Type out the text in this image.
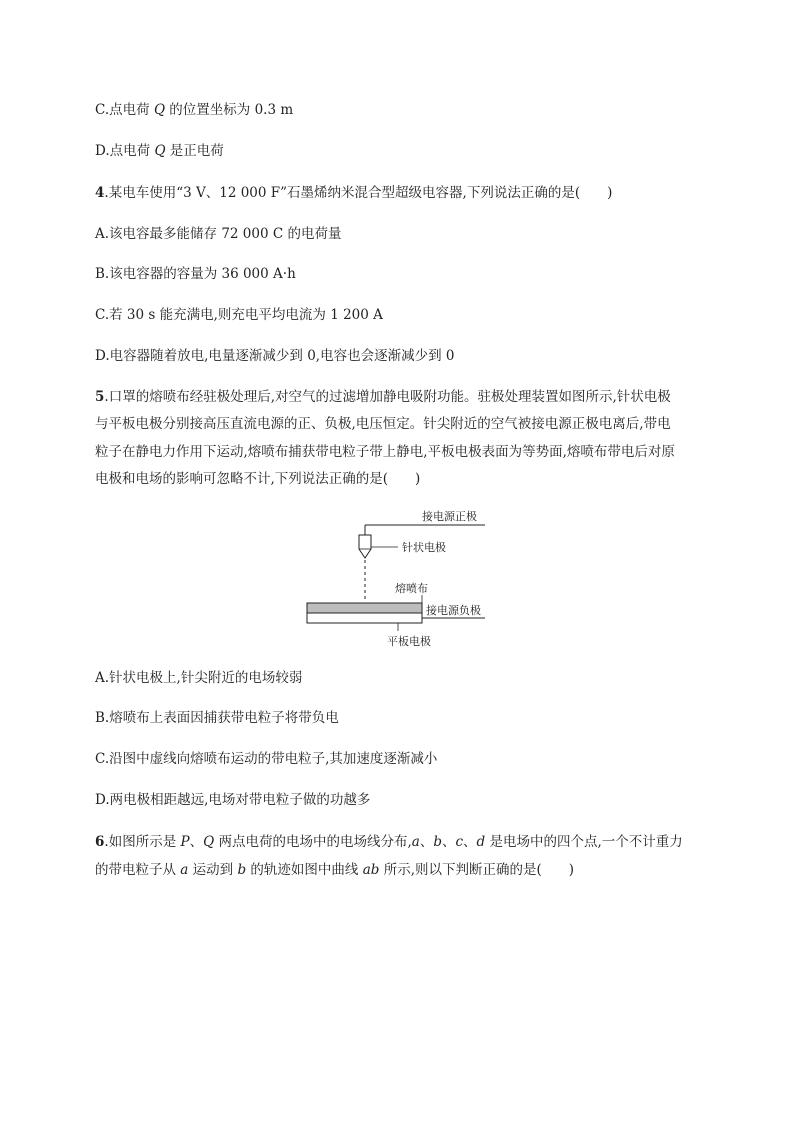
C.点电荷 Q 的位置坐标为 0.3 m
D.点电荷 Q 是正电荷
4.某电车使用“3 V、12 000 F”石墨烯纳米混合型超级电容器,下列说法正确的是(　　)
A.该电容最多能储存 72 000 C 的电荷量
B.该电容器的容量为 36 000 A·h
C.若 30 s 能充满电,则充电平均电流为 1 200 A
D.电容器随着放电,电量逐渐减少到 0,电容也会逐渐减少到 0
5.口罩的熔喷布经驻极处理后,对空气的过滤增加静电吸附功能。驻极处理装置如图所示,针状电极
与平板电极分别接高压直流电源的正、负极,电压恒定。针尖附近的空气被接电源正极电离后,带电
粒子在静电力作用下运动,熔喷布捕获带电粒子带上静电,平板电极表面为等势面,熔喷布带电后对原
电极和电场的影响可忽略不计,下列说法正确的是(　　)
接电源正极
针状电极
熔喷布
接电源负极
平板电极
A.针状电极上,针尖附近的电场较弱
B.熔喷布上表面因捕获带电粒子将带负电
C.沿图中虚线向熔喷布运动的带电粒子,其加速度逐渐减小
D.两电极相距越远,电场对带电粒子做的功越多
6.如图所示是 P、Q 两点电荷的电场中的电场线分布,a、b、c、d 是电场中的四个点,一个不计重力
的带电粒子从 a 运动到 b 的轨迹如图中曲线 ab 所示,则以下判断正确的是(　　)
